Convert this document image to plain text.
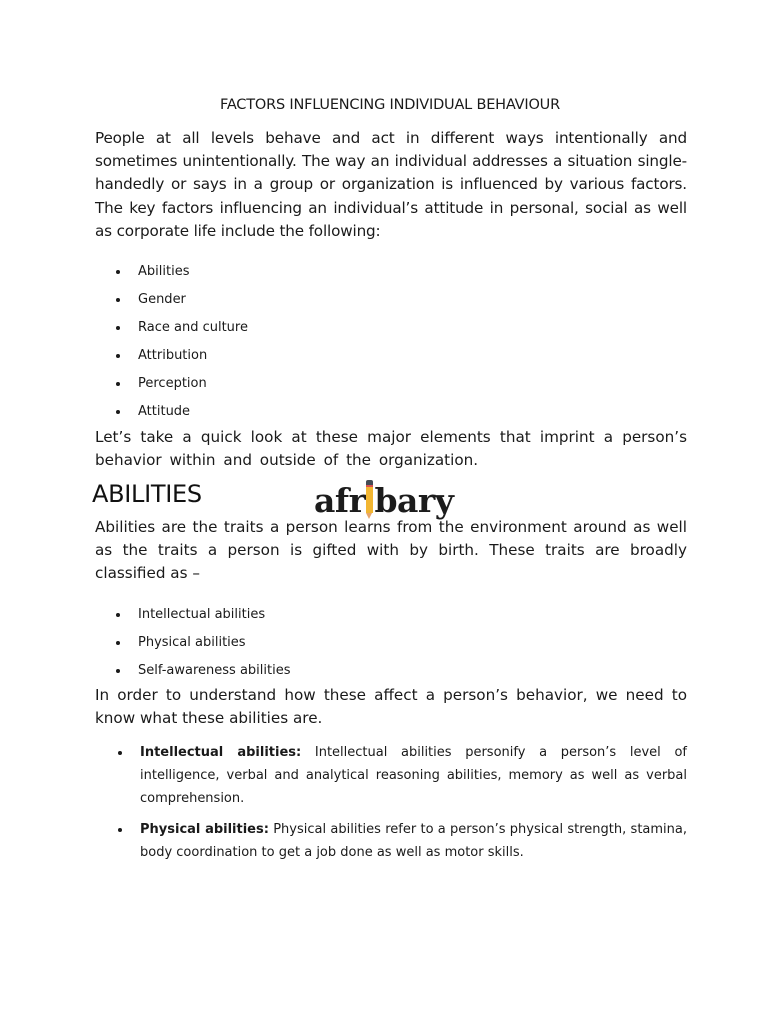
FACTORS INFLUENCING INDIVIDUAL BEHAVIOUR
People at all levels behave and act in different ways intentionally and sometimes unintentionally. The way an individual addresses a situation single-handedly or says in a group or organization is influenced by various factors. The key factors influencing an individual’s attitude in personal, social as well as corporate life include the following:
Abilities
Gender
Race and culture
Attribution
Perception
Attitude
Let’s take a quick look at these major elements that imprint a person’s behavior within and outside of the organization.
ABILITIES	afr bary
Abilities are the traits a person learns from the environment around as well as the traits a person is gifted with by birth. These traits are broadly classified as –
Intellectual abilities
Physical abilities
Self-awareness abilities
In order to understand how these affect a person’s behavior, we need to know what these abilities are.
Intellectual abilities: Intellectual abilities personify a person’s level of intelligence, verbal and analytical reasoning abilities, memory as well as verbal comprehension.
Physical abilities: Physical abilities refer to a person’s physical strength, stamina, body coordination to get a job done as well as motor skills.
